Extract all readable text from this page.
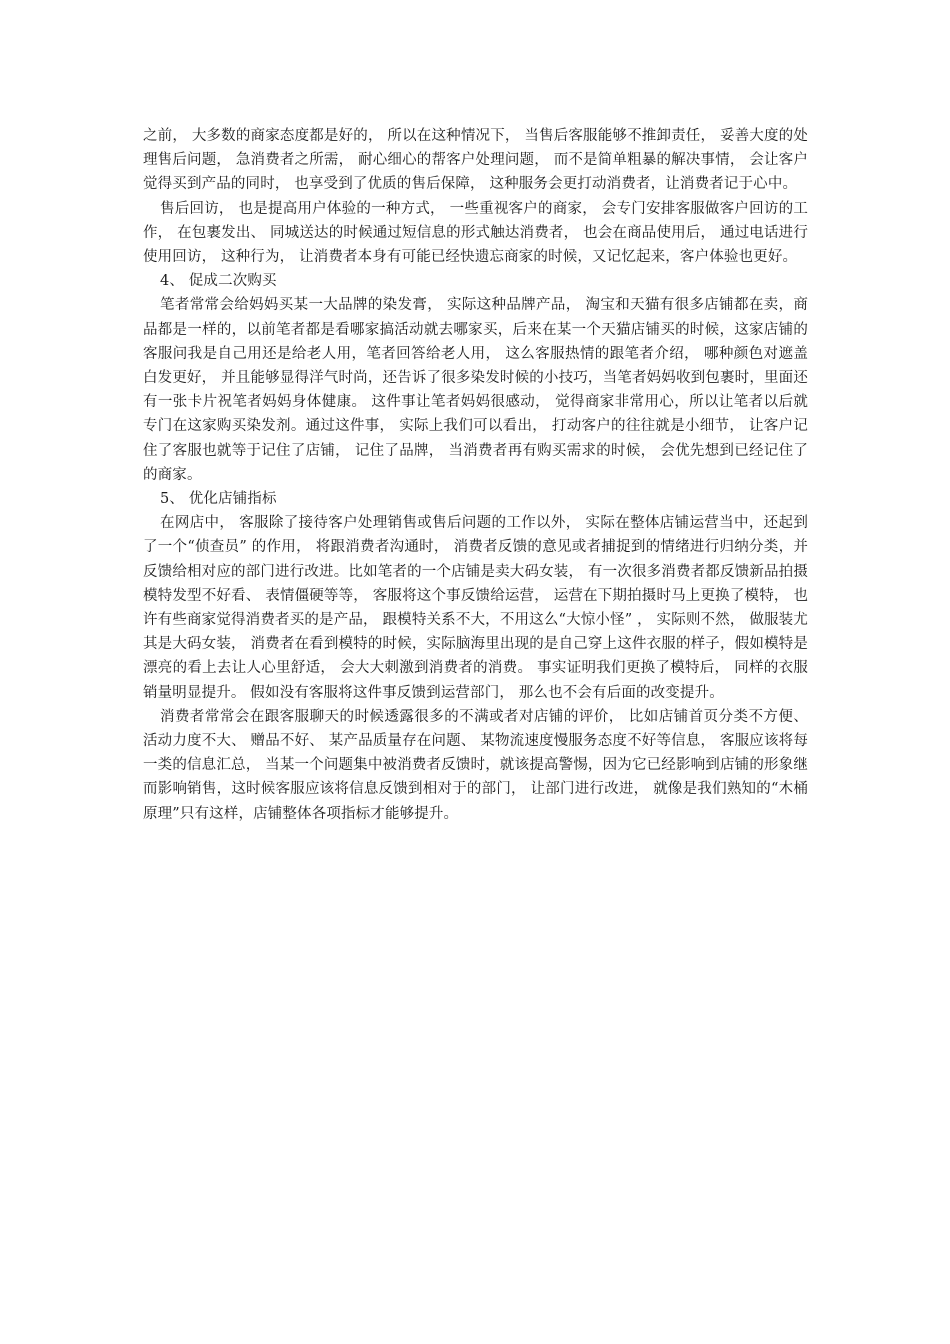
之前， 大多数的商家态度都是好的， 所以在这种情况下， 当售后客服能够不推卸责任， 妥善大度的处理售后问题， 急消费者之所需， 耐心细心的帮客户处理问题， 而不是简单粗暴的解决事情， 会让客户觉得买到产品的同时， 也享受到了优质的售后保障， 这种服务会更打动消费者，让消费者记于心中。

售后回访， 也是提高用户体验的一种方式， 一些重视客户的商家， 会专门安排客服做客户回访的工作， 在包裹发出、 同城送达的时候通过短信息的形式触达消费者， 也会在商品使用后， 通过电话进行使用回访， 这种行为， 让消费者本身有可能已经快遗忘商家的时候，又记忆起来，客户体验也更好。

4、 促成二次购买

笔者常常会给妈妈买某一大品牌的染发膏， 实际这种品牌产品， 淘宝和天猫有很多店铺都在卖，商品都是一样的，以前笔者都是看哪家搞活动就去哪家买，后来在某一个天猫店铺买的时候，这家店铺的客服问我是自己用还是给老人用，笔者回答给老人用， 这么客服热情的跟笔者介绍， 哪种颜色对遮盖白发更好， 并且能够显得洋气时尚，还告诉了很多染发时候的小技巧，当笔者妈妈收到包裹时，里面还有一张卡片祝笔者妈妈身体健康。 这件事让笔者妈妈很感动， 觉得商家非常用心，所以让笔者以后就专门在这家购买染发剂。通过这件事， 实际上我们可以看出， 打动客户的往往就是小细节， 让客户记住了客服也就等于记住了店铺， 记住了品牌， 当消费者再有购买需求的时候， 会优先想到已经记住了的商家。

5、 优化店铺指标

在网店中， 客服除了接待客户处理销售或售后问题的工作以外， 实际在整体店铺运营当中，还起到了一个“侦查员” 的作用， 将跟消费者沟通时， 消费者反馈的意见或者捕捉到的情绪进行归纳分类，并反馈给相对应的部门进行改进。比如笔者的一个店铺是卖大码女装， 有一次很多消费者都反馈新品拍摄模特发型不好看、 表情僵硬等等， 客服将这个事反馈给运营， 运营在下期拍摄时马上更换了模特， 也许有些商家觉得消费者买的是产品， 跟模特关系不大，不用这么“大惊小怪” ， 实际则不然， 做服装尤其是大码女装， 消费者在看到模特的时候，实际脑海里出现的是自己穿上这件衣服的样子，假如模特是漂亮的看上去让人心里舒适， 会大大刺激到消费者的消费。 事实证明我们更换了模特后， 同样的衣服销量明显提升。 假如没有客服将这件事反馈到运营部门， 那么也不会有后面的改变提升。

消费者常常会在跟客服聊天的时候透露很多的不满或者对店铺的评价， 比如店铺首页分类不方便、 活动力度不大、 赠品不好、 某产品质量存在问题、 某物流速度慢服务态度不好等信息， 客服应该将每一类的信息汇总， 当某一个问题集中被消费者反馈时，就该提高警惕，因为它已经影响到店铺的形象继而影响销售，这时候客服应该将信息反馈到相对于的部门， 让部门进行改进， 就像是我们熟知的“木桶原理”只有这样，店铺整体各项指标才能够提升。
